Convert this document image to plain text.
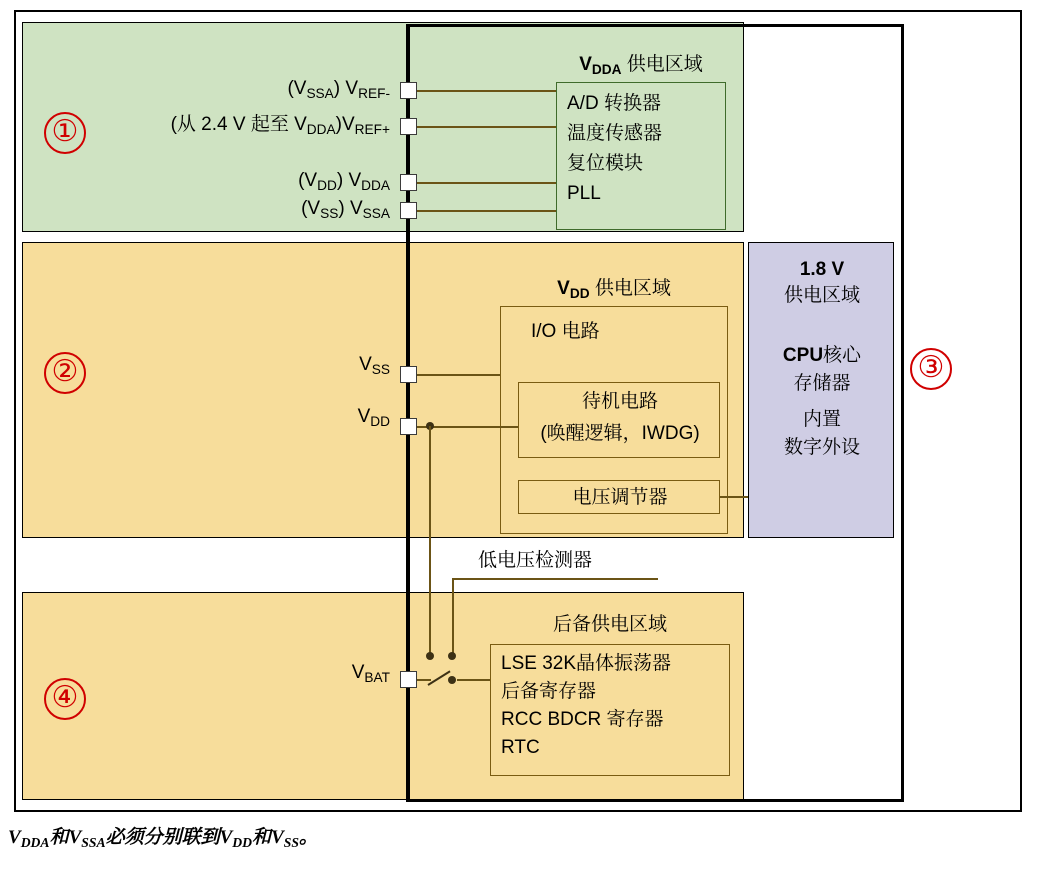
1.8 V
供电区域
CPU核心
存储器
内置
数字外设
$V_{DDA}$ 供电区域
A/D 转换器
温度传感器
复位模块
PLL
$(V_{SSA})$ $V_{REF-}$
(从 2.4 V 起至 $V_{DDA})V_{REF+}$
$(V_{DD})$ $V_{DDA}$
$(V_{SS})$ $V_{SSA}$
$V_{DD}$ 供电区域
I/O 电路
待机电路
(唤醒逻辑，IWDG)
电压调节器
$V_{SS}$
$V_{DD}$
低电压检测器
后备供电区域
LSE 32K晶体振荡器
后备寄存器
RCC BDCR 寄存器
RTC
$V_{BAT}$
①
②	③
④
$V_{DDA}$和$V_{SSA}$必须分别联到$V_{DD}$和$V_{SS}$。
